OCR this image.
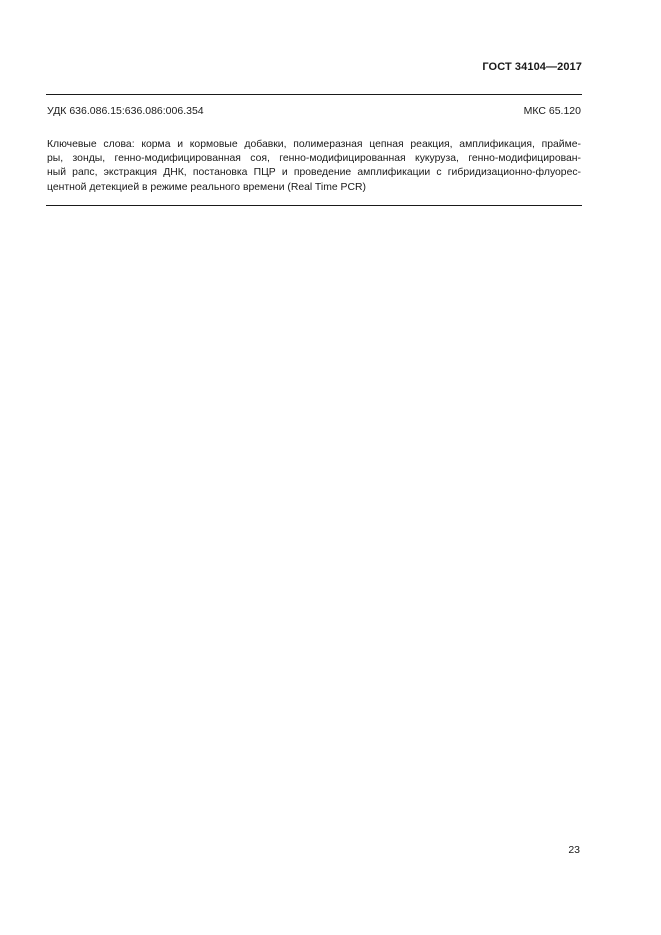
ГОСТ 34104—2017
УДК 636.086.15:636.086:006.354	МКС 65.120
Ключевые слова: корма и кормовые добавки, полимеразная цепная реакция, амплификация, прайме-
ры, зонды, генно-модифицированная соя, генно-модифицированная кукуруза, генно-модифицирован-
ный рапс, экстракция ДНК, постановка ПЦР и проведение амплификации с гибридизационно-флуорес-
центной детекцией в режиме реального времени (Real Time PCR)
23
